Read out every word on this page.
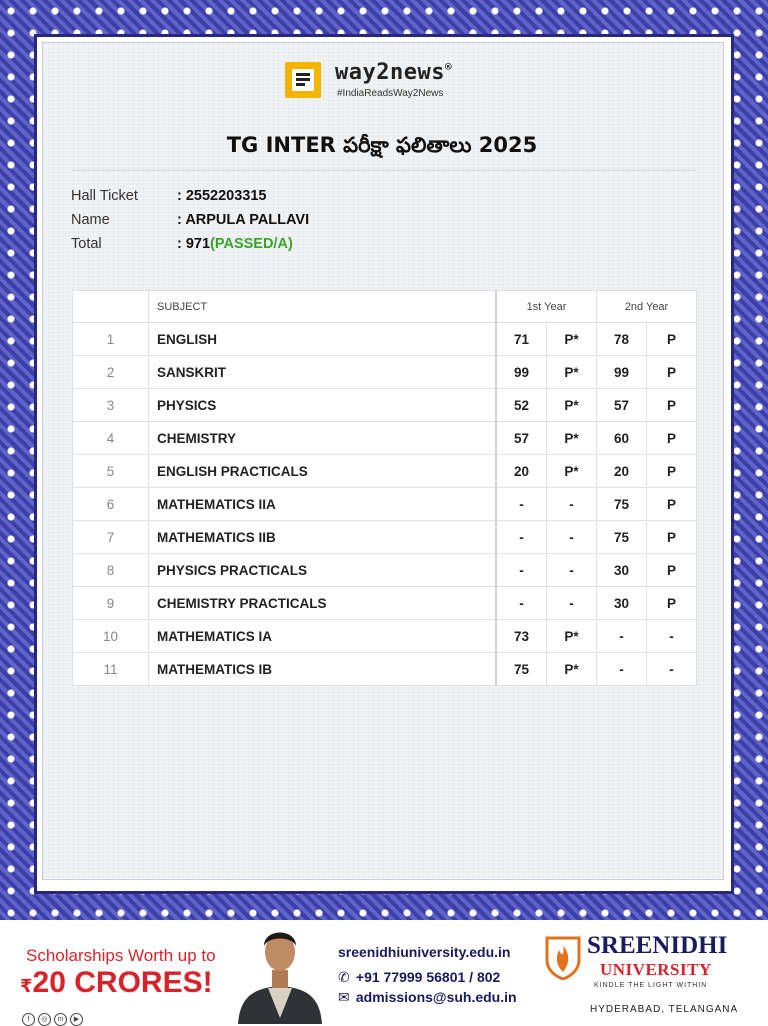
way2news®
#IndiaReadsWay2News
TG INTER పరీక్షా ఫలితాలు 2025
Hall Ticket	: 2552203315
Name	: ARPULA PALLAVI
Total	: 971(PASSED/A)
	SUBJECT	1st Year		2nd Year	
1	ENGLISH	71	P*	78	P
2	SANSKRIT	99	P*	99	P
3	PHYSICS	52	P*	57	P
4	CHEMISTRY	57	P*	60	P
5	ENGLISH PRACTICALS	20	P*	20	P
6	MATHEMATICS IIA	-	-	75	P
7	MATHEMATICS IIB	-	-	75	P
8	PHYSICS PRACTICALS	-	-	30	P
9	CHEMISTRY PRACTICALS	-	-	30	P
10	MATHEMATICS IA	73	P*	-	-
11	MATHEMATICS IB	75	P*	-	-
Scholarships Worth up to
₹20 CRORES!
f ◎ in ▶
sreenidhiuniversity.edu.in
✆ +91 77999 56801 / 802
✉ admissions@suh.edu.in
SREENIDHI
UNIVERSITY
KINDLE THE LIGHT WITHIN
HYDERABAD, TELANGANA
